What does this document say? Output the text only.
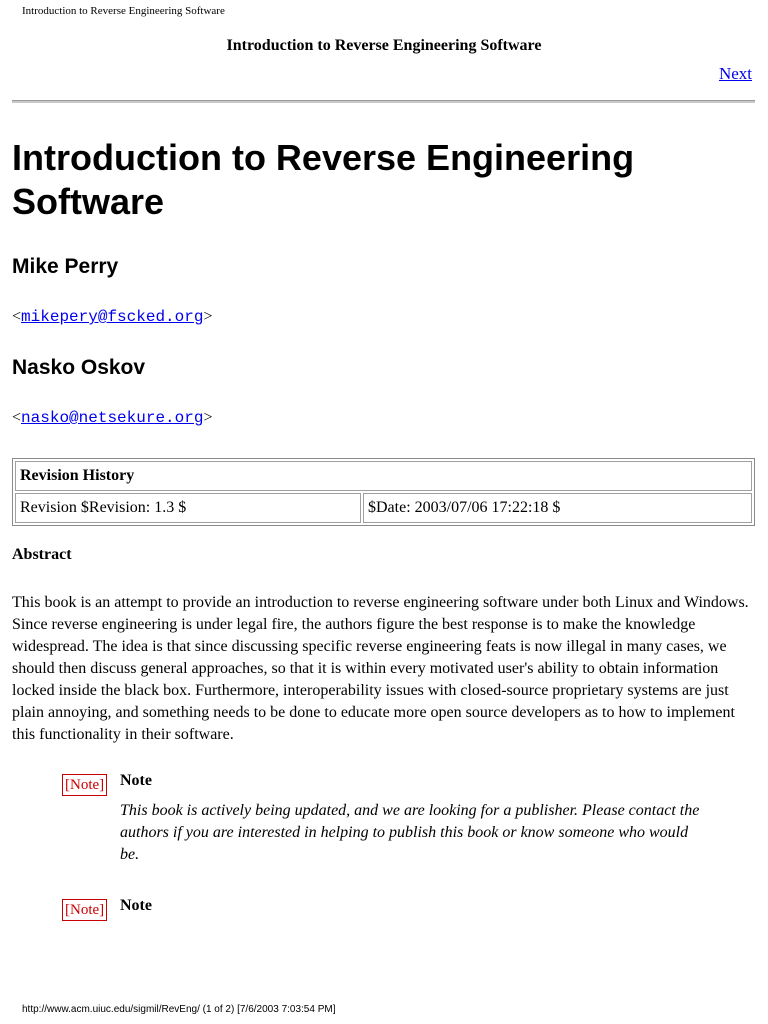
Introduction to Reverse Engineering Software
Introduction to Reverse Engineering Software
Next
Introduction to Reverse Engineering Software
Mike Perry
<mikepery@fscked.org>
Nasko Oskov
<nasko@netsekure.org>
Revision History
Revision $Revision: 1.3 $	$Date: 2003/07/06 17:22:18 $
Abstract

This book is an attempt to provide an introduction to reverse engineering software under both Linux and Windows. Since reverse engineering is under legal fire, the authors figure the best response is to make the knowledge widespread. The idea is that since discussing specific reverse engineering feats is now illegal in many cases, we should then discuss general approaches, so that it is within every motivated user's ability to obtain information locked inside the black box. Furthermore, interoperability issues with closed-source proprietary systems are just plain annoying, and something needs to be done to educate more open source developers as to how to implement this functionality in their software.

[Note] Note

This book is actively being updated, and we are looking for a publisher. Please contact the authors if you are interested in helping to publish this book or know someone who would be.

[Note] Note

http://www.acm.uiuc.edu/sigmil/RevEng/ (1 of 2) [7/6/2003 7:03:54 PM]
